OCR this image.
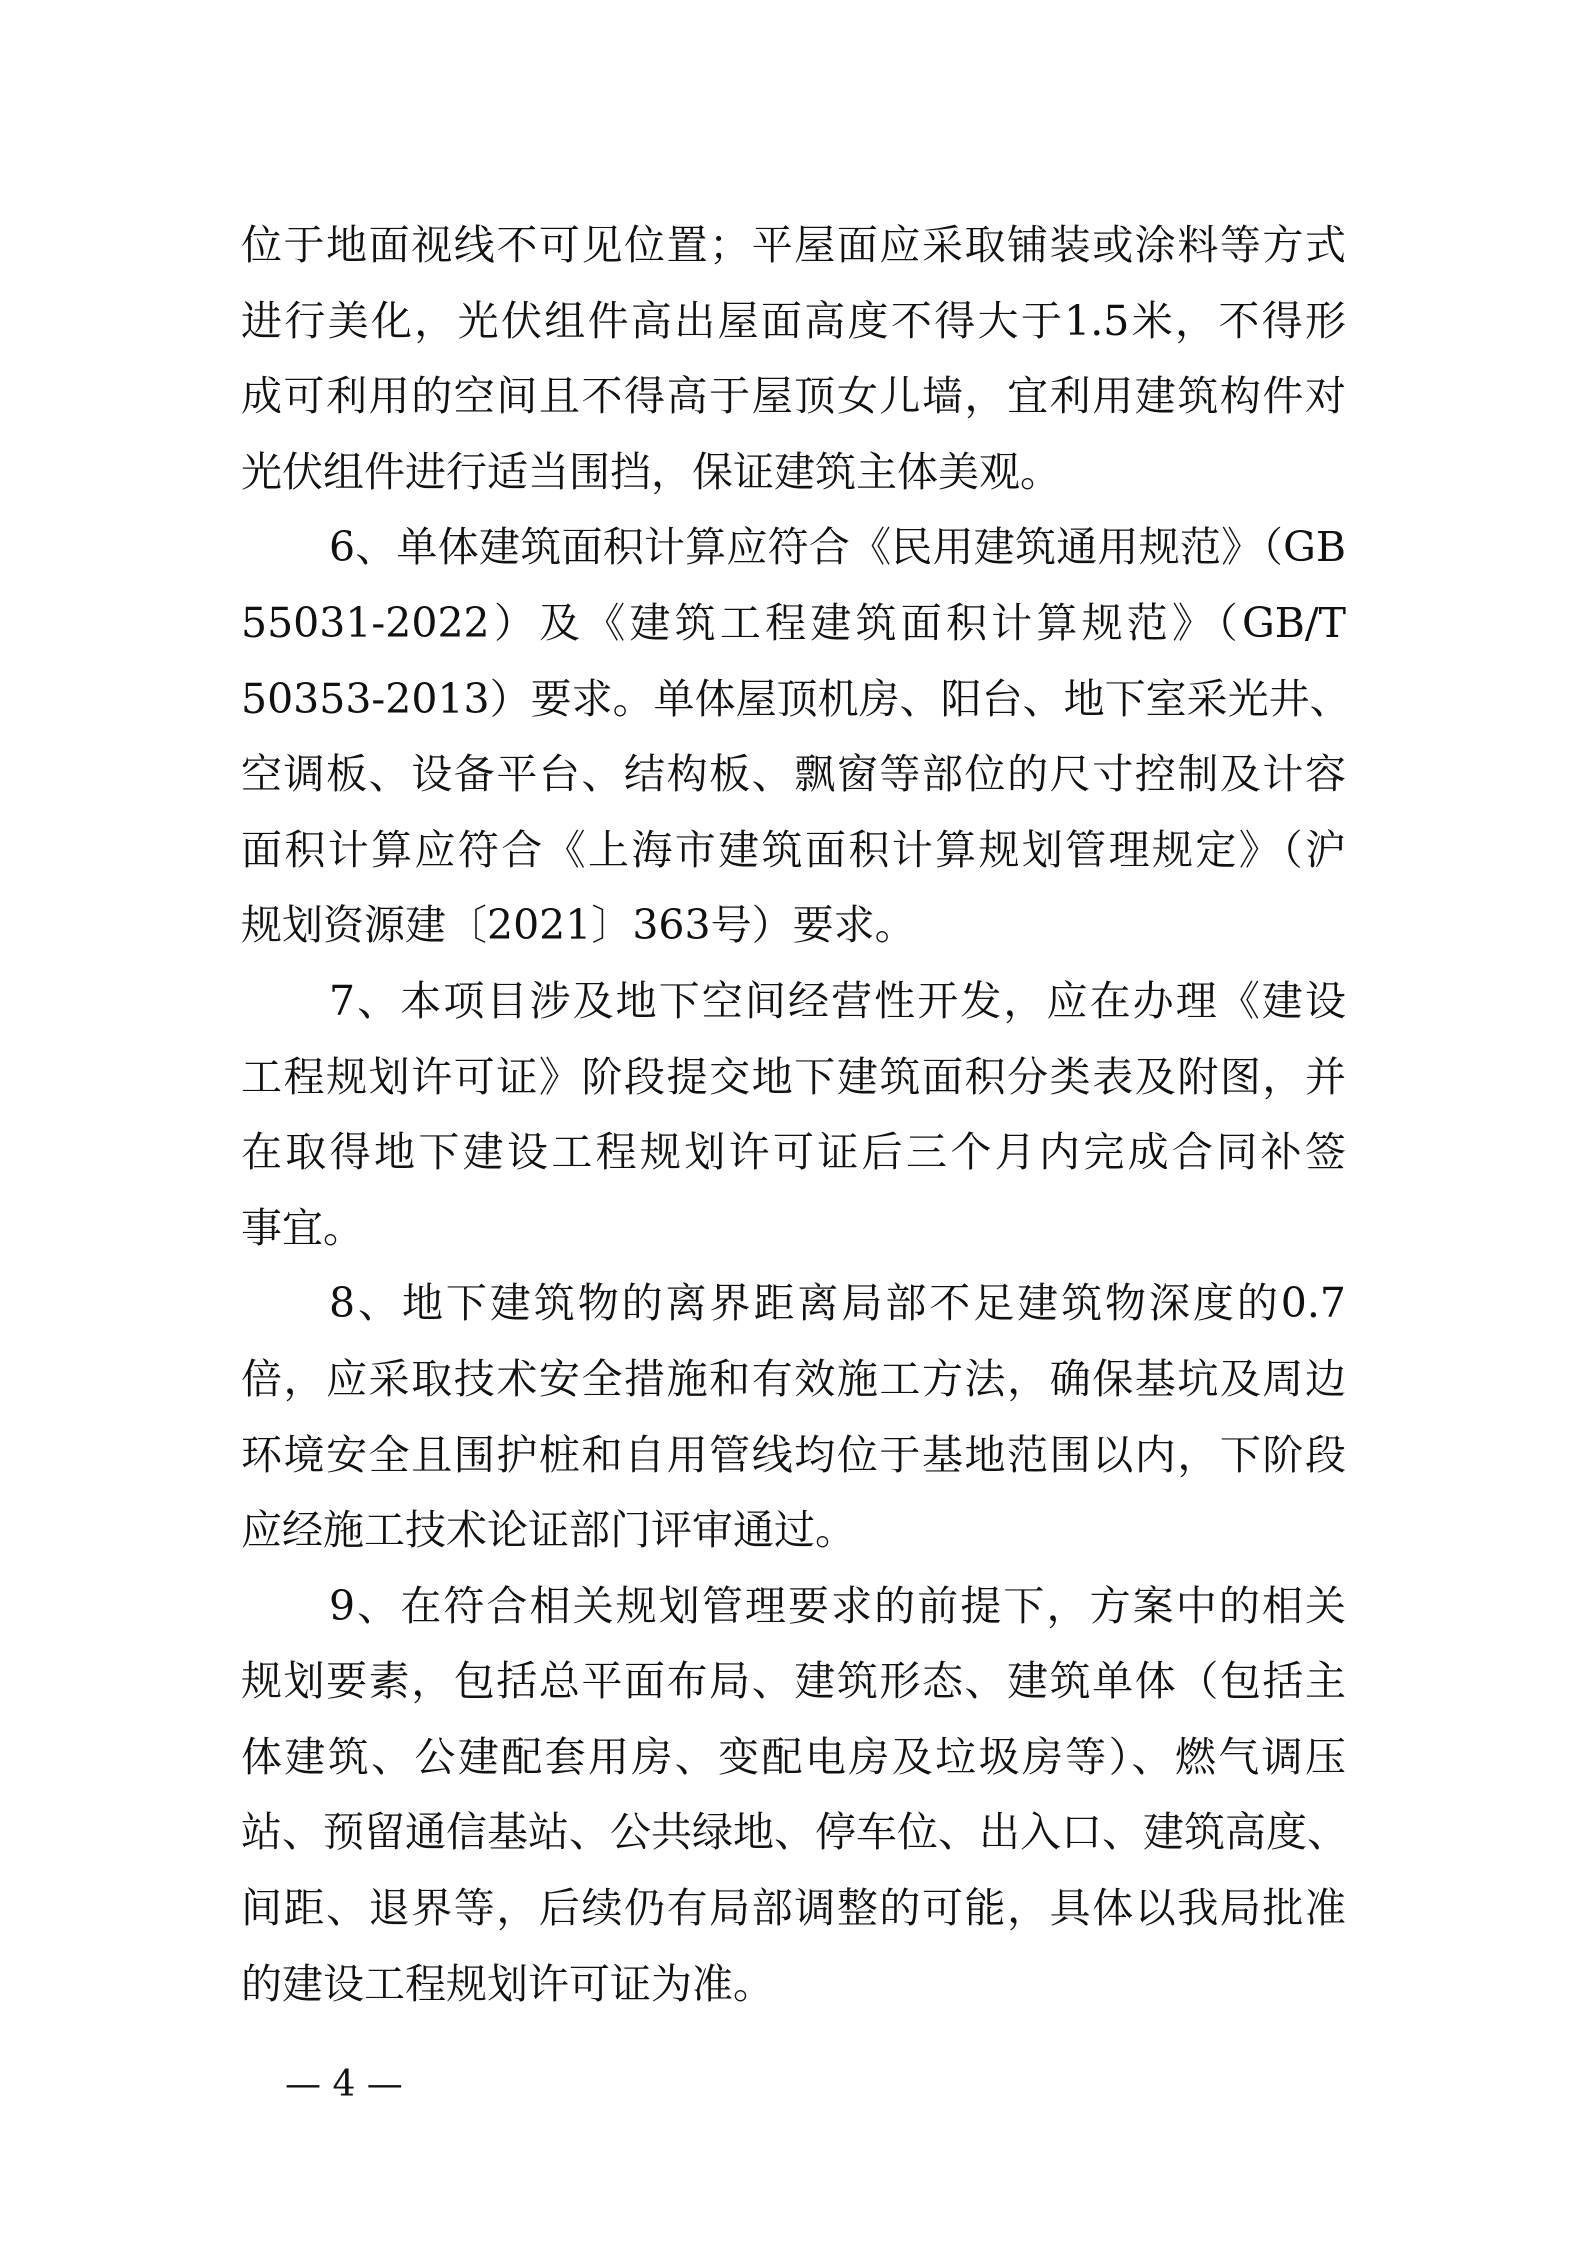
位于地面视线不可见位置；平屋面应采取铺装或涂料等方式
进行美化，光伏组件高出屋面高度不得大于1.5米，不得形
成可利用的空间且不得高于屋顶女儿墙，宜利用建筑构件对
光伏组件进行适当围挡，保证建筑主体美观。
6、单体建筑面积计算应符合《民用建筑通用规范》（GB
55031-2022）及《建筑工程建筑面积计算规范》（GB/T
50353-2013）要求。单体屋顶机房、阳台、地下室采光井、
空调板、设备平台、结构板、飘窗等部位的尺寸控制及计容
面积计算应符合《上海市建筑面积计算规划管理规定》（沪
规划资源建〔2021〕363号）要求。
7、本项目涉及地下空间经营性开发，应在办理《建设
工程规划许可证》阶段提交地下建筑面积分类表及附图，并
在取得地下建设工程规划许可证后三个月内完成合同补签
事宜。
8、地下建筑物的离界距离局部不足建筑物深度的0.7
倍，应采取技术安全措施和有效施工方法，确保基坑及周边
环境安全且围护桩和自用管线均位于基地范围以内，下阶段
应经施工技术论证部门评审通过。
9、在符合相关规划管理要求的前提下，方案中的相关
规划要素，包括总平面布局、建筑形态、建筑单体（包括主
体建筑、公建配套用房、变配电房及垃圾房等）、燃气调压
站、预留通信基站、公共绿地、停车位、出入口、建筑高度、
间距、退界等，后续仍有局部调整的可能，具体以我局批准
的建设工程规划许可证为准。
— 4 —
